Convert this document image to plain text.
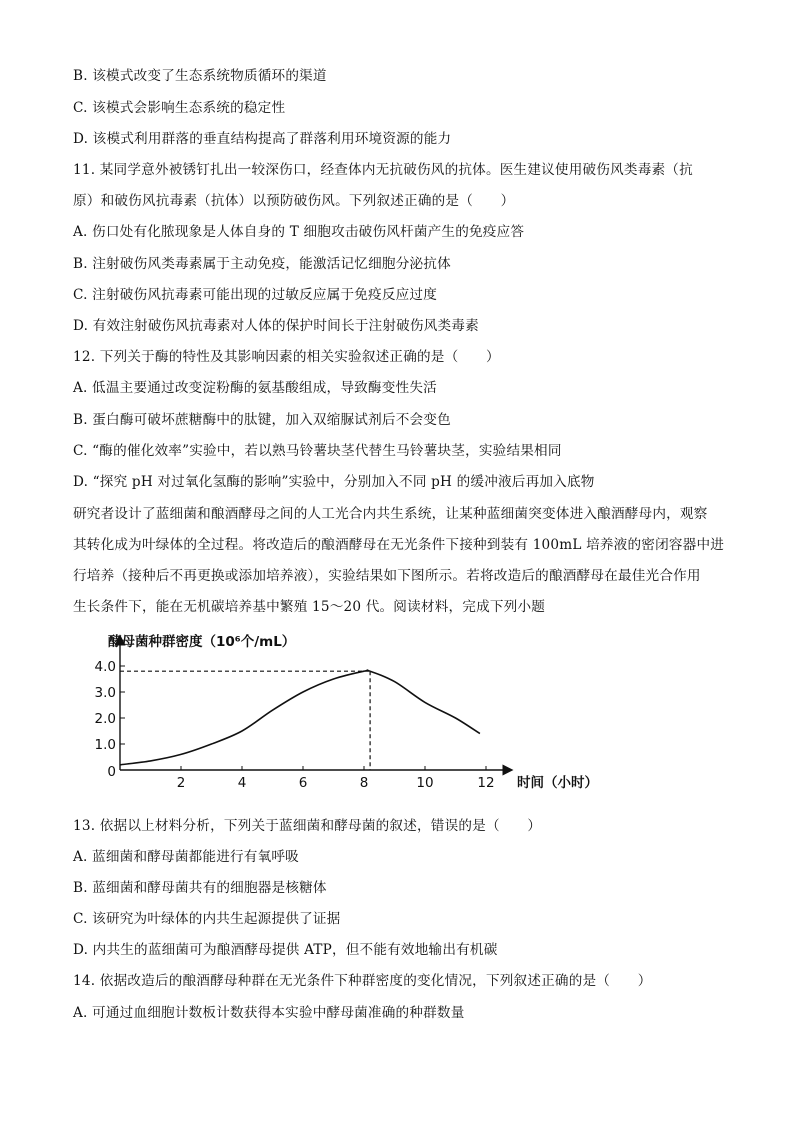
B. 该模式改变了生态系统物质循环的渠道
C. 该模式会影响生态系统的稳定性
D. 该模式利用群落的垂直结构提高了群落利用环境资源的能力
11. 某同学意外被锈钉扎出一较深伤口，经查体内无抗破伤风的抗体。医生建议使用破伤风类毒素（抗
原）和破伤风抗毒素（抗体）以预防破伤风。下列叙述正确的是（　　）
A. 伤口处有化脓现象是人体自身的 T 细胞攻击破伤风杆菌产生的免疫应答
B. 注射破伤风类毒素属于主动免疫，能激活记忆细胞分泌抗体
C. 注射破伤风抗毒素可能出现的过敏反应属于免疫反应过度
D. 有效注射破伤风抗毒素对人体的保护时间长于注射破伤风类毒素
12. 下列关于酶的特性及其影响因素的相关实验叙述正确的是（　　）
A. 低温主要通过改变淀粉酶的氨基酸组成，导致酶变性失活
B. 蛋白酶可破坏蔗糖酶中的肽键，加入双缩脲试剂后不会变色
C. “酶的催化效率”实验中，若以熟马铃薯块茎代替生马铃薯块茎，实验结果相同
D. “探究 pH 对过氧化氢酶的影响”实验中，分别加入不同 pH 的缓冲液后再加入底物
研究者设计了蓝细菌和酿酒酵母之间的人工光合内共生系统，让某种蓝细菌突变体进入酿酒酵母内，观察
其转化成为叶绿体的全过程。将改造后的酿酒酵母在无光条件下接种到装有 100mL 培养液的密闭容器中进
行培养（接种后不再更换或添加培养液），实验结果如下图所示。若将改造后的酿酒酵母在最佳光合作用
生长条件下，能在无机碳培养基中繁殖 15～20 代。阅读材料，完成下列小题
1.0
2.0
3.0
4.0
0
2	4	6	8	10	12
酵母菌种群密度（10⁶个/mL）
时间（小时）
13. 依据以上材料分析，下列关于蓝细菌和酵母菌的叙述，错误的是（　　）
A. 蓝细菌和酵母菌都能进行有氧呼吸
B. 蓝细菌和酵母菌共有的细胞器是核糖体
C. 该研究为叶绿体的内共生起源提供了证据
D. 内共生的蓝细菌可为酿酒酵母提供 ATP，但不能有效地输出有机碳
14. 依据改造后的酿酒酵母种群在无光条件下种群密度的变化情况，下列叙述正确的是（　　）
A. 可通过血细胞计数板计数获得本实验中酵母菌准确的种群数量
